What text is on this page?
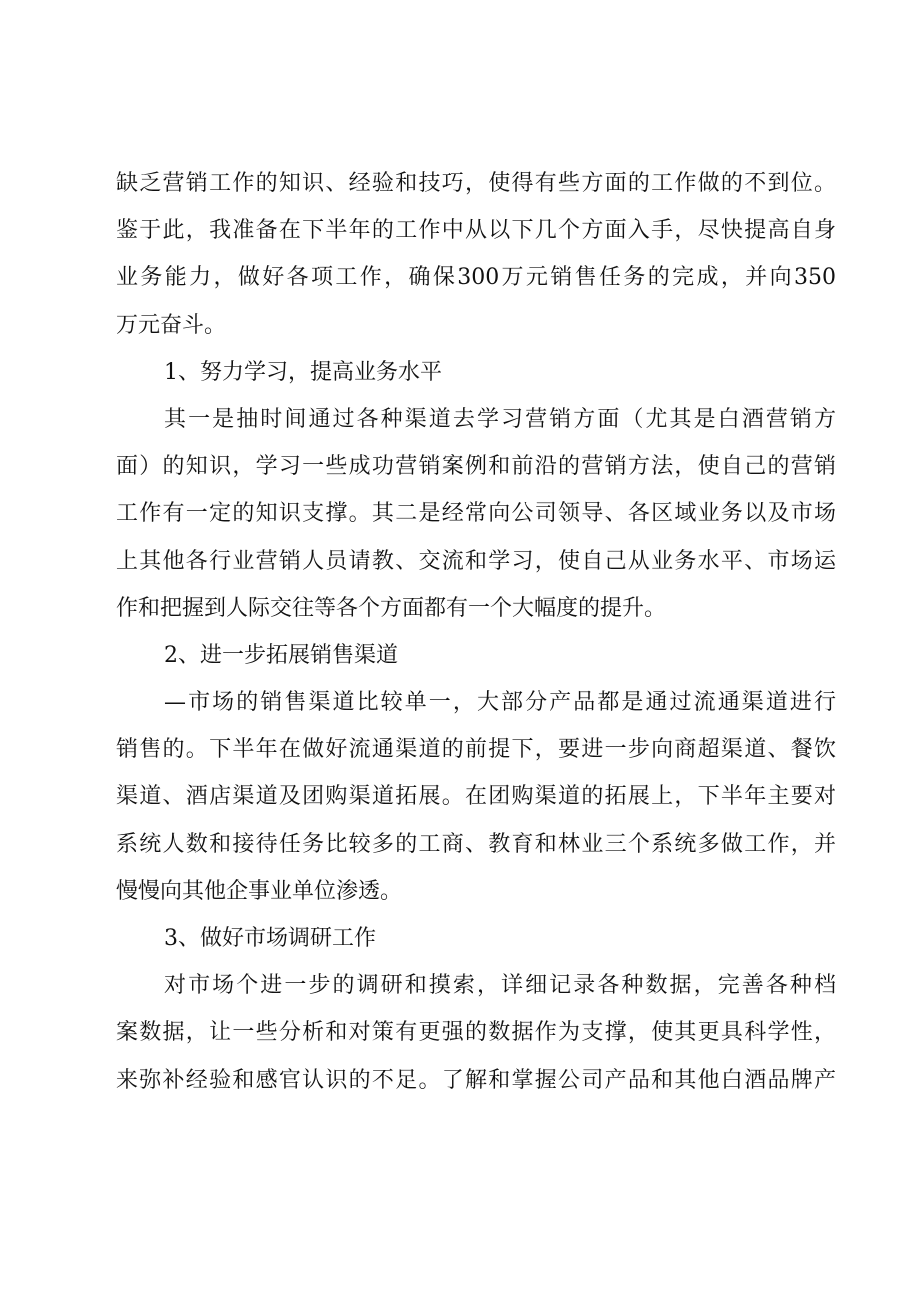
缺乏营销工作的知识、经验和技巧，使得有些方面的工作做的不到位。
鉴于此，我准备在下半年的工作中从以下几个方面入手，尽快提高自身
业务能力，做好各项工作，确保300万元销售任务的完成，并向350
万元奋斗。
1、努力学习，提高业务水平
其一是抽时间通过各种渠道去学习营销方面（尤其是白酒营销方
面）的知识，学习一些成功营销案例和前沿的营销方法，使自己的营销
工作有一定的知识支撑。其二是经常向公司领导、各区域业务以及市场
上其他各行业营销人员请教、交流和学习，使自己从业务水平、市场运
作和把握到人际交往等各个方面都有一个大幅度的提升。
2、进一步拓展销售渠道
—市场的销售渠道比较单一，大部分产品都是通过流通渠道进行
销售的。下半年在做好流通渠道的前提下，要进一步向商超渠道、餐饮
渠道、酒店渠道及团购渠道拓展。在团购渠道的拓展上，下半年主要对
系统人数和接待任务比较多的工商、教育和林业三个系统多做工作，并
慢慢向其他企事业单位渗透。
3、做好市场调研工作
对市场个进一步的调研和摸索，详细记录各种数据，完善各种档
案数据，让一些分析和对策有更强的数据作为支撑，使其更具科学性，
来弥补经验和感官认识的不足。了解和掌握公司产品和其他白酒品牌产
